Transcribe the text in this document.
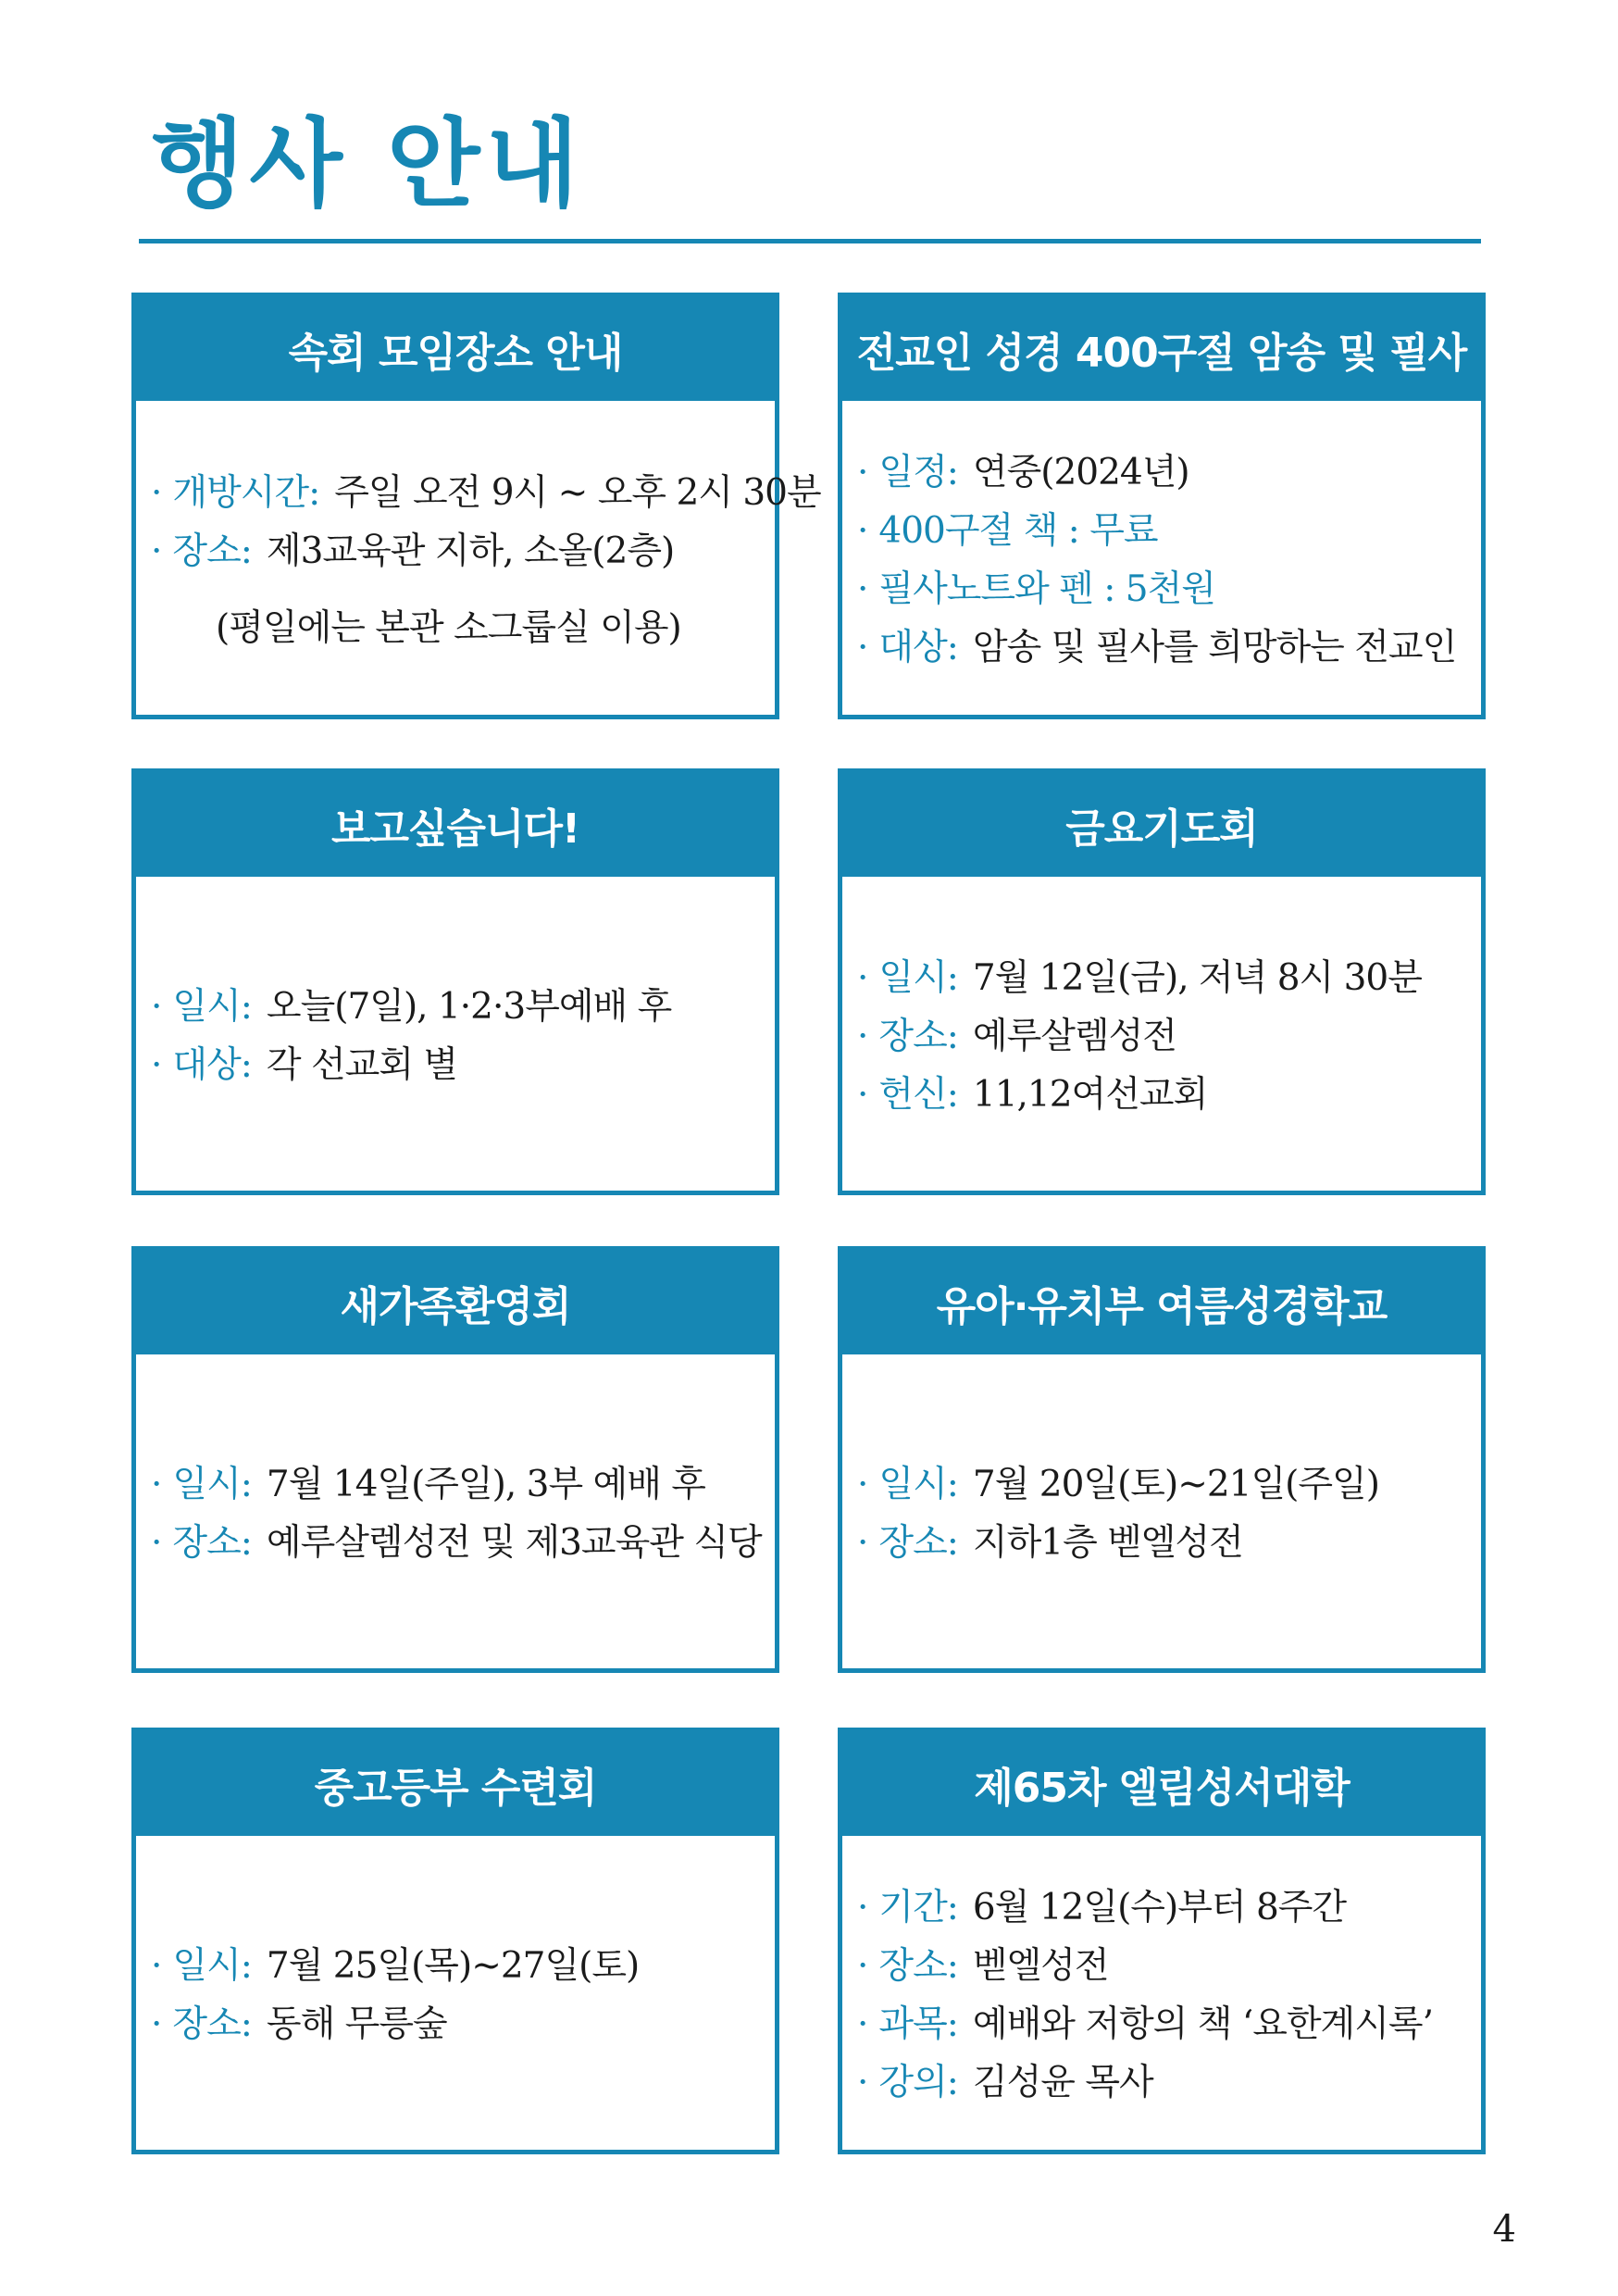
행사 안내
속회 모임장소 안내
· 개방시간: 주일 오전 9시 ~ 오후 2시 30분
· 장소: 제3교육관 지하, 소올(2층)
(평일에는 본관 소그룹실 이용)
전교인 성경 400구절 암송 및 필사
· 일정: 연중(2024년)
· 400구절 책 : 무료
· 필사노트와 펜 : 5천원
· 대상: 암송 및 필사를 희망하는 전교인
보고싶습니다!
· 일시: 오늘(7일), 1·2·3부예배 후
· 대상: 각 선교회 별
금요기도회
· 일시: 7월 12일(금), 저녁 8시 30분
· 장소: 예루살렘성전
· 헌신: 11,12여선교회
새가족환영회
· 일시: 7월 14일(주일), 3부 예배 후
· 장소: 예루살렘성전 및 제3교육관 식당
유아·유치부 여름성경학교
· 일시: 7월 20일(토)~21일(주일)
· 장소: 지하1층 벧엘성전
중고등부 수련회
· 일시: 7월 25일(목)~27일(토)
· 장소: 동해 무릉숲
제65차 엘림성서대학
· 기간: 6월 12일(수)부터 8주간
· 장소: 벧엘성전
· 과목: 예배와 저항의 책 ‘요한계시록’
· 강의: 김성윤 목사
4
